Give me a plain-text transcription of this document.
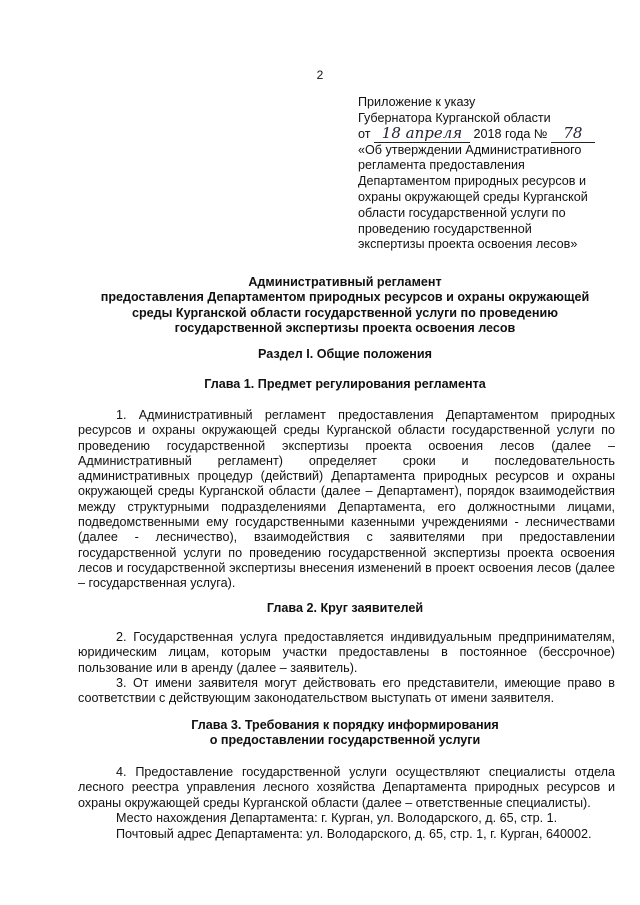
2
Приложение к указу
Губернатора Курганской области
от 18 апреля 2018 года № 78
«Об утверждении Административного
регламента предоставления
Департаментом природных ресурсов и
охраны окружающей среды Курганской
области государственной услуги по
проведению государственной
экспертизы проекта освоения лесов»
Административный регламент
предоставления Департаментом природных ресурсов и охраны окружающей
среды Курганской области государственной услуги по проведению
государственной экспертизы проекта освоения лесов
Раздел I. Общие положения
Глава 1. Предмет регулирования регламента
1. Административный регламент предоставления Департаментом природных ресурсов и охраны окружающей среды Курганской области государственной услуги по проведению государственной экспертизы проекта освоения лесов (далее – Административный регламент) определяет сроки и последовательность административных процедур (действий) Департамента природных ресурсов и охраны окружающей среды Курганской области (далее – Департамент), порядок взаимодействия между структурными подразделениями Департамента, его должностными лицами, подведомственными ему государственными казенными учреждениями - лесничествами (далее - лесничество), взаимодействия с заявителями при предоставлении государственной услуги по проведению государственной экспертизы проекта освоения лесов и государственной экспертизы внесения изменений в проект освоения лесов (далее – государственная услуга).
Глава 2. Круг заявителей
2. Государственная услуга предоставляется индивидуальным предпринимателям, юридическим лицам, которым участки предоставлены в постоянное (бессрочное) пользование или в аренду (далее – заявитель).
3. От имени заявителя могут действовать его представители, имеющие право в соответствии с действующим законодательством выступать от имени заявителя.
Глава 3. Требования к порядку информирования
о предоставлении государственной услуги
4. Предоставление государственной услуги осуществляют специалисты отдела лесного реестра управления лесного хозяйства Департамента природных ресурсов и охраны окружающей среды Курганской области (далее – ответственные специалисты).
Место нахождения Департамента: г. Курган, ул. Володарского, д. 65, стр. 1.
Почтовый адрес Департамента: ул. Володарского, д. 65, стр. 1, г. Курган, 640002.
